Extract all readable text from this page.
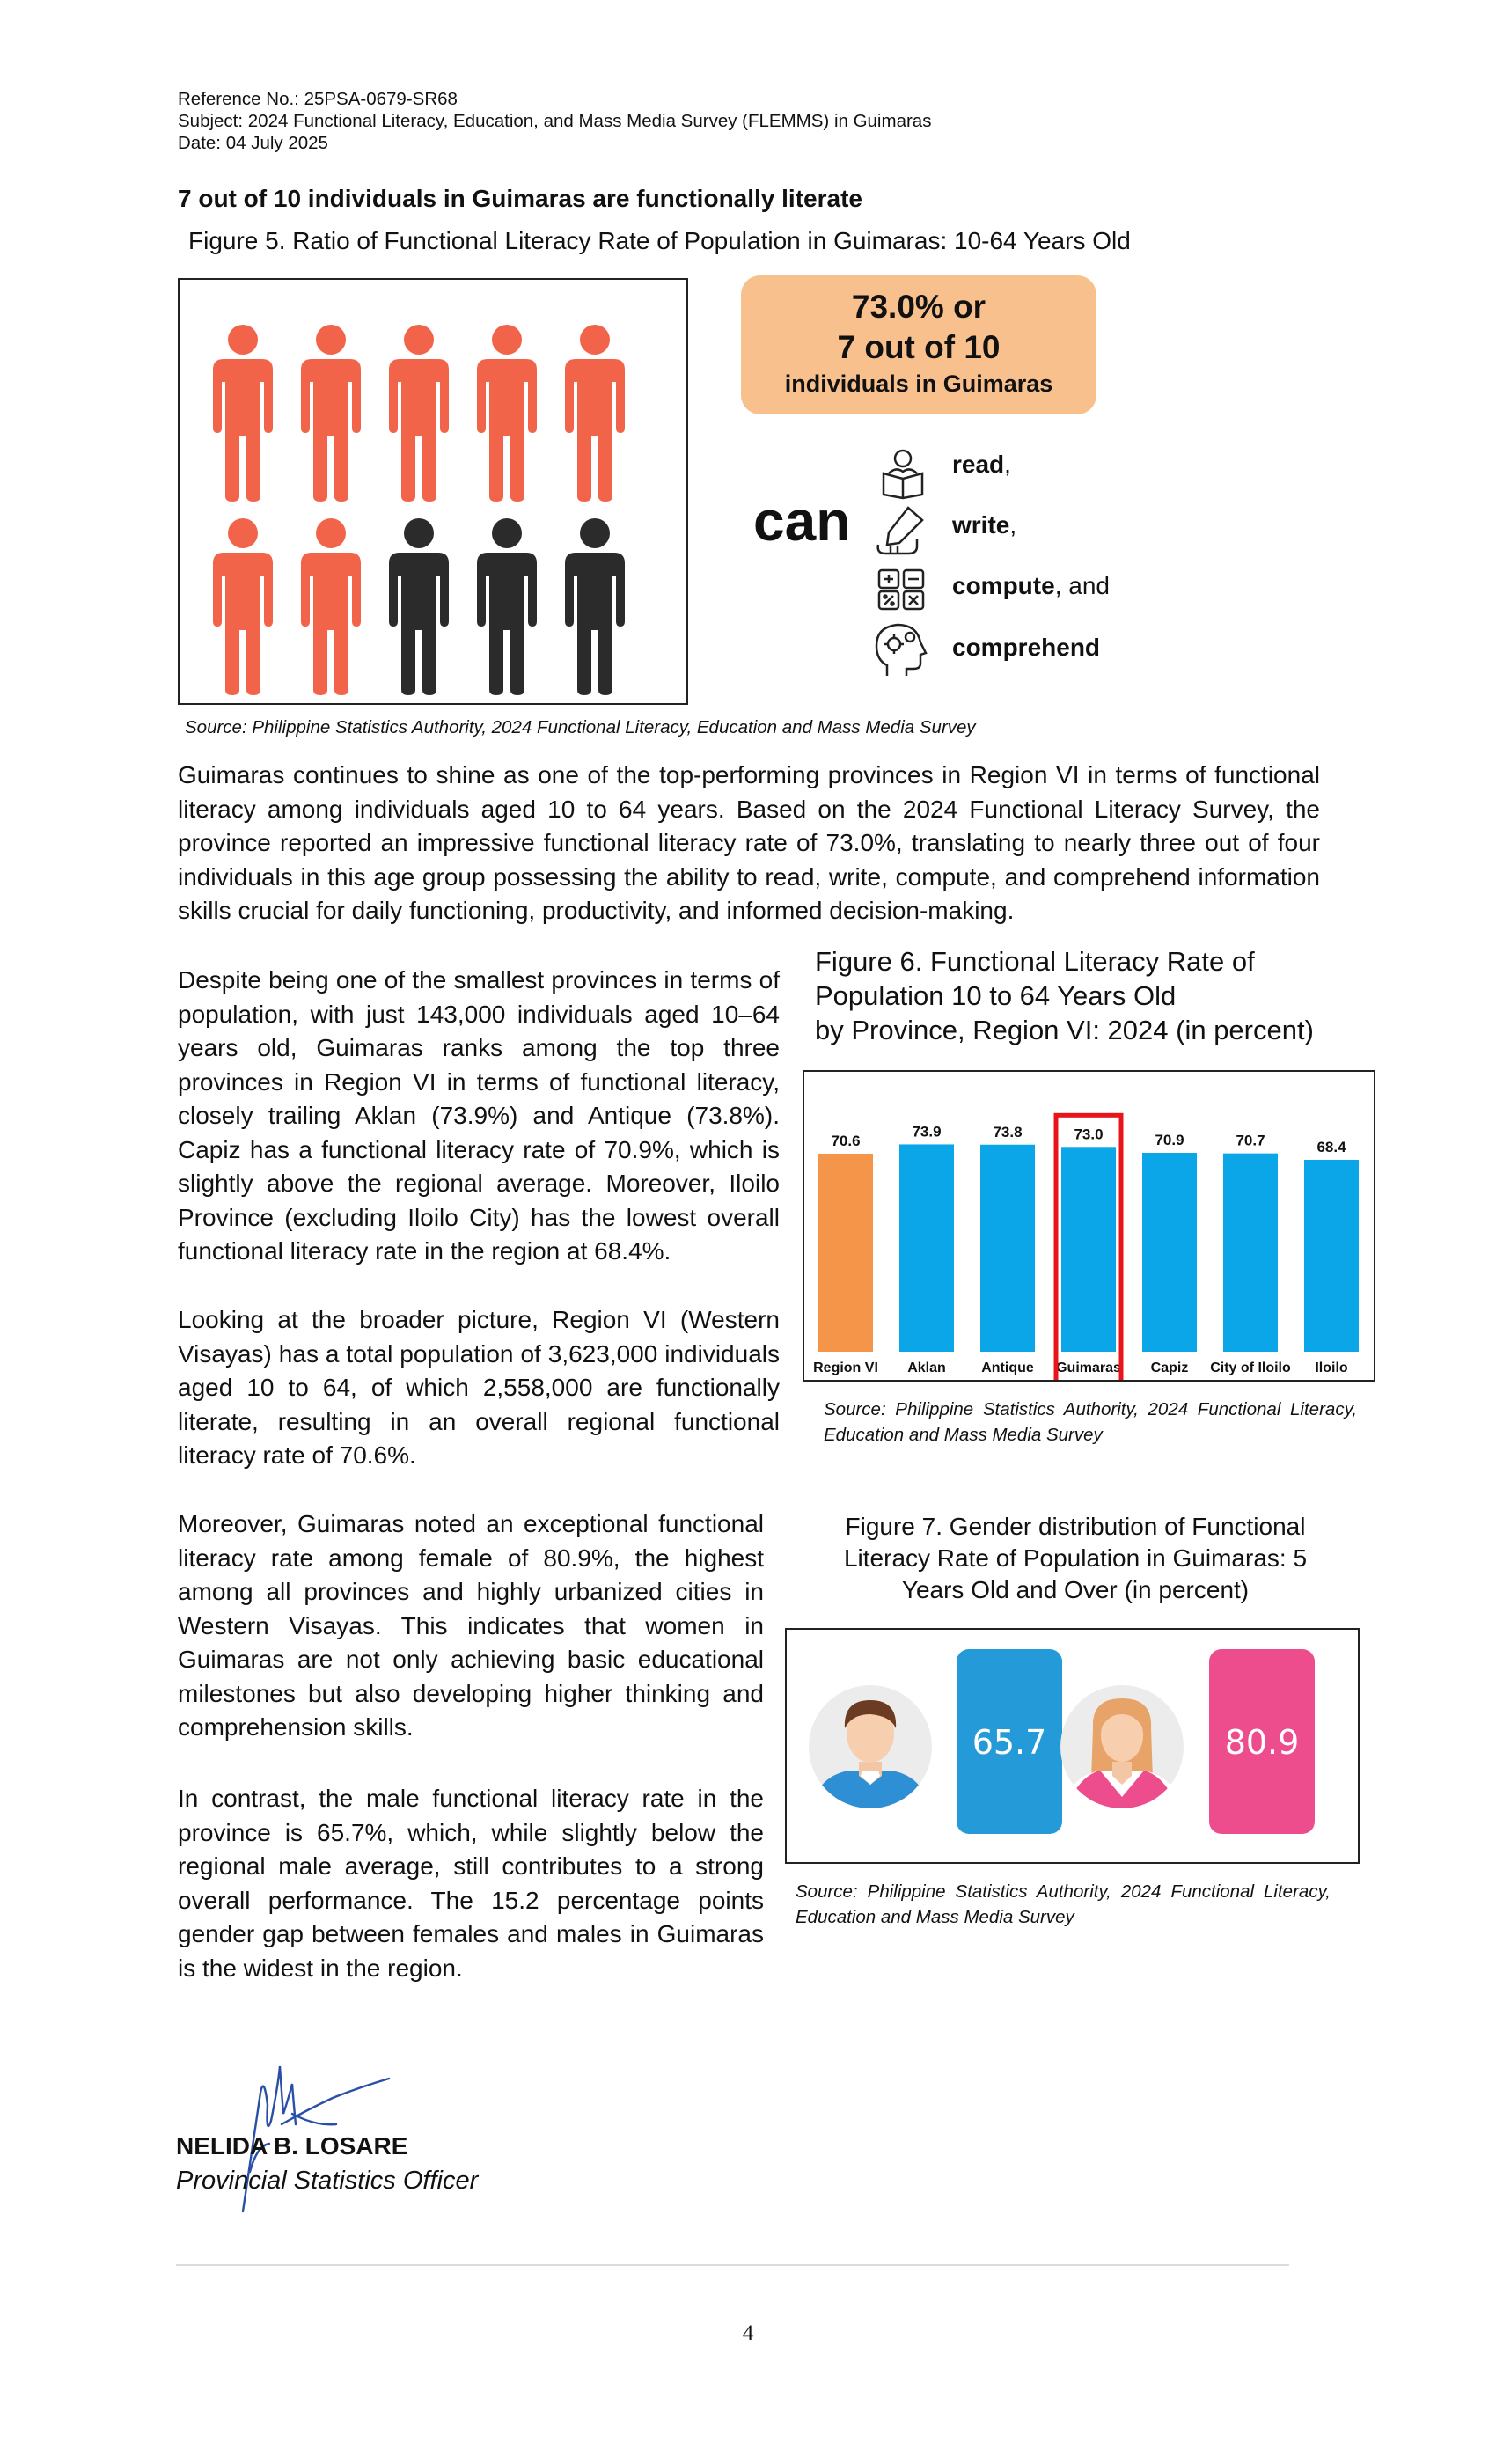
Reference No.: 25PSA-0679-SR68
Subject: 2024 Functional Literacy, Education, and Mass Media Survey (FLEMMS) in Guimaras
Date: 04 July 2025
7 out of 10 individuals in Guimaras are functionally literate
Figure 5. Ratio of Functional Literacy Rate of Population in Guimaras: 10-64 Years Old
73.0% or
7 out of 10
individuals in Guimaras
can
read,
write,
compute, and
comprehend
Source: Philippine Statistics Authority, 2024 Functional Literacy, Education and Mass Media Survey
Guimaras continues to shine as one of the top-performing provinces in Region VI in terms of functional literacy among individuals aged 10 to 64 years. Based on the 2024 Functional Literacy Survey, the province reported an impressive functional literacy rate of 73.0%, translating to nearly three out of four individuals in this age group possessing the ability to read, write, compute, and comprehend information skills crucial for daily functioning, productivity, and informed decision-making.
Despite being one of the smallest provinces in terms of population, with just 143,000 individuals aged 10–64 years old, Guimaras ranks among the top three provinces in Region VI in terms of functional literacy, closely trailing Aklan (73.9%) and Antique (73.8%). Capiz has a functional literacy rate of 70.9%, which is slightly above the regional average. Moreover, Iloilo Province (excluding Iloilo City) has the lowest overall functional literacy rate in the region at 68.4%.
Looking at the broader picture, Region VI (Western Visayas) has a total population of 3,623,000 individuals aged 10 to 64, of which 2,558,000 are functionally literate, resulting in an overall regional functional literacy rate of 70.6%.
Moreover, Guimaras noted an exceptional functional literacy rate among female of 80.9%, the highest among all provinces and highly urbanized cities in Western Visayas. This indicates that women in Guimaras are not only achieving basic educational milestones but also developing higher thinking and comprehension skills.
In contrast, the male functional literacy rate in the province is 65.7%, which, while slightly below the regional male average, still contributes to a strong overall performance. The 15.2 percentage points gender gap between females and males in Guimaras is the widest in the region.
Figure 6. Functional Literacy Rate of
Population 10 to 64 Years Old
by Province, Region VI: 2024 (in percent)
70.6
Region VI
73.9
Aklan
73.8
Antique
73.0
Guimaras
70.9
Capiz
70.7
City of Iloilo
68.4
Iloilo
Source: Philippine Statistics Authority, 2024 Functional Literacy, Education and Mass Media Survey
Figure 7. Gender distribution of Functional Literacy Rate of Population in Guimaras: 5 Years Old and Over (in percent)
65.7	80.9
Source: Philippine Statistics Authority, 2024 Functional Literacy, Education and Mass Media Survey
NELIDA B. LOSARE
Provincial Statistics Officer
4
